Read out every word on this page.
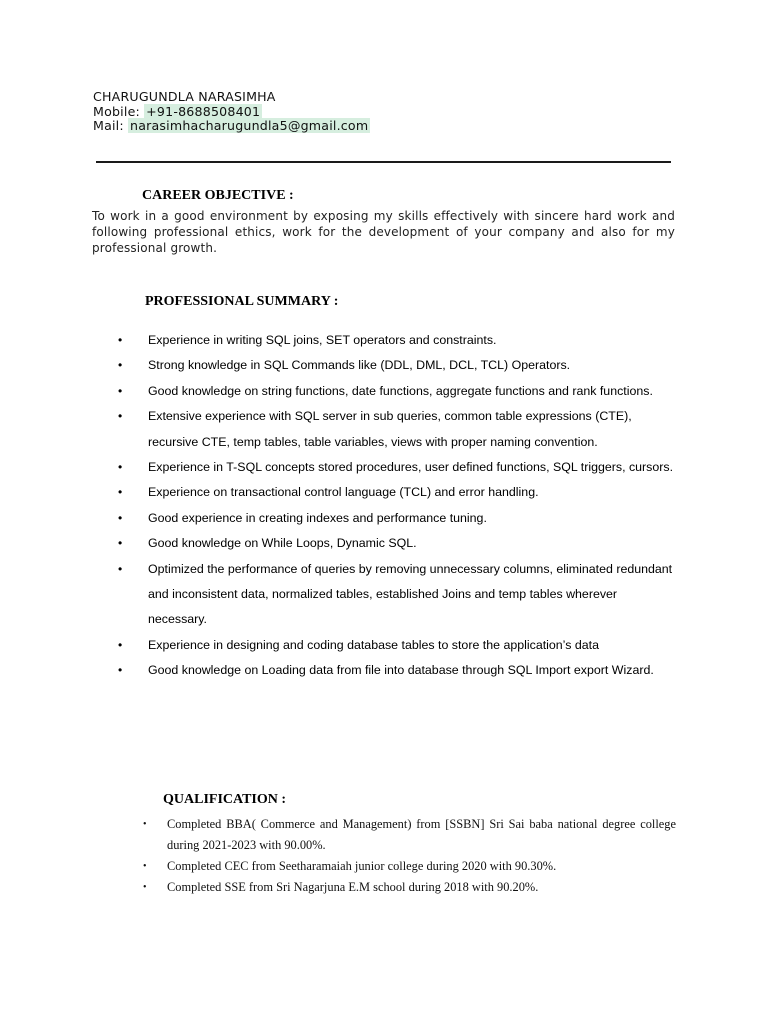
CHARUGUNDLA NARASIMHA
Mobile: +91-8688508401
Mail: narasimhacharugundla5@gmail.com
CAREER OBJECTIVE :
To work in a good environment by exposing my skills effectively with sincere hard work and following professional ethics, work for the development of your company and also for my professional growth.
PROFESSIONAL SUMMARY :
• Experience in writing SQL joins, SET operators and constraints.
• Strong knowledge in SQL Commands like (DDL, DML, DCL, TCL) Operators.
• Good knowledge on string functions, date functions, aggregate functions and rank functions.
• Extensive experience with SQL server in sub queries, common table expressions (CTE), recursive CTE, temp tables, table variables, views with proper naming convention.
• Experience in T-SQL concepts stored procedures, user defined functions, SQL triggers, cursors.
• Experience on transactional control language (TCL) and error handling.
• Good experience in creating indexes and performance tuning.
• Good knowledge on While Loops, Dynamic SQL.
• Optimized the performance of queries by removing unnecessary columns, eliminated redundant and inconsistent data, normalized tables, established Joins and temp tables wherever necessary.
• Experience in designing and coding database tables to store the application’s data
• Good knowledge on Loading data from file into database through SQL Import export Wizard.
QUALIFICATION :
• Completed BBA( Commerce and Management) from [SSBN] Sri Sai baba national degree college during 2021-2023 with 90.00%.
• Completed CEC from Seetharamaiah junior college during 2020 with 90.30%.
• Completed SSE from Sri Nagarjuna E.M school during 2018 with 90.20%.
